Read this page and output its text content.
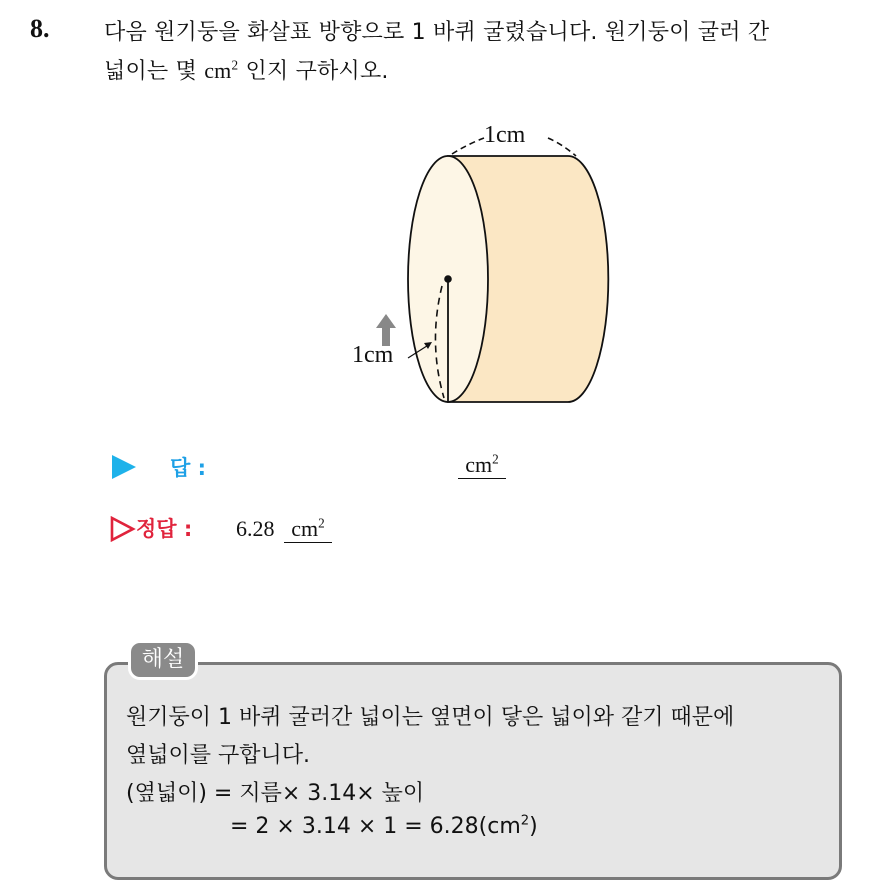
8. 다음 원기둥을 화살표 방향으로 1 바퀴 굴렸습니다. 원기둥이 굴러 간
넓이는 몇 $cm^2$ 인지 구하시오.
1cm
1cm
답 :	$cm^2$
정답 : 6.28 $cm^2$
해설
원기둥이 1 바퀴 굴러간 넓이는 옆면이 닿은 넓이와 같기 때문에
옆넓이를 구합니다.
(옆넓이) = 지름× 3.14× 높이
= $2 \times 3.14 \times 1 = 6.28(cm^2)$
